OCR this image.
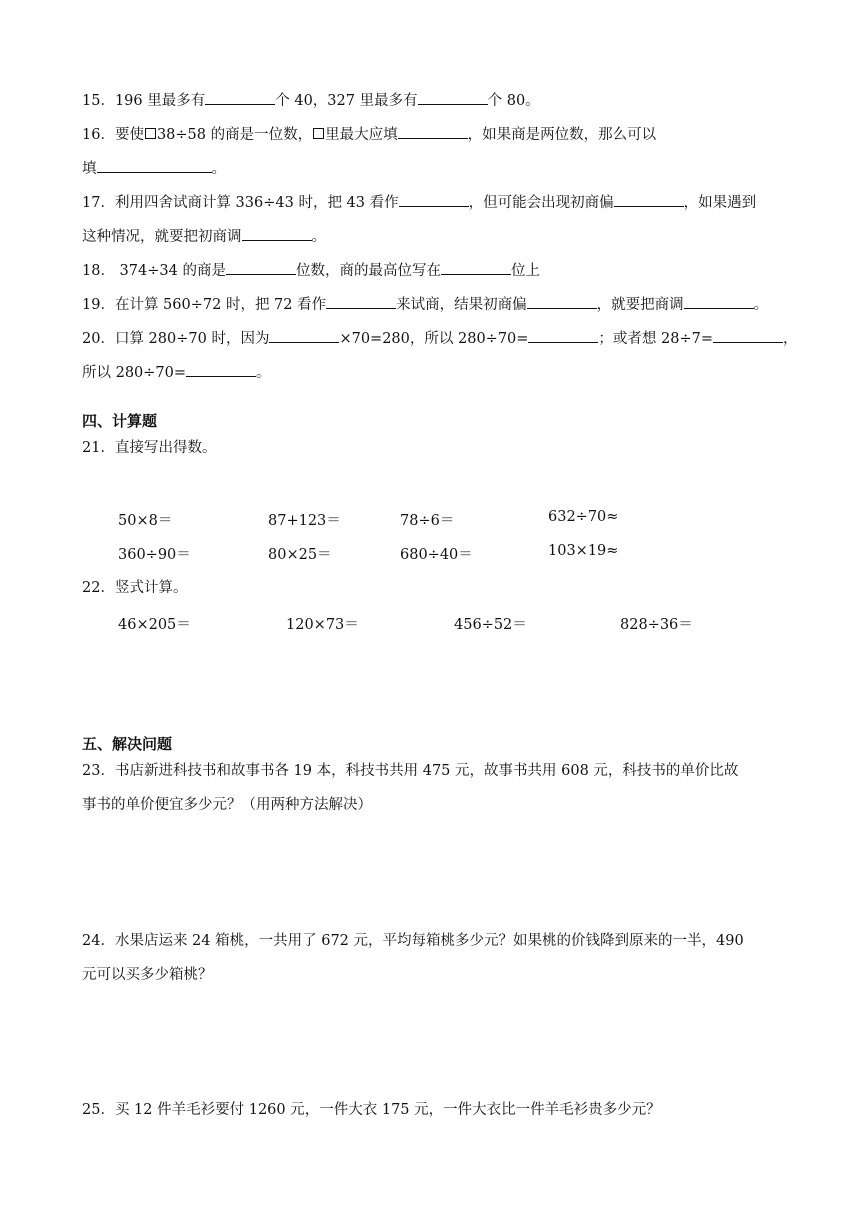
15．196 里最多有	个 40，327 里最多有	个 80。
16．要使 38÷58 的商是一位数， 里最大应填	，如果商是两位数，那么可以
填	。
17．利用四舍试商计算 336÷43 时，把 43 看作	，但可能会出现初商偏	，如果遇到
这种情况，就要把初商调	。
18． 374÷34 的商是	位数，商的最高位写在	位上
19．在计算 560÷72 时，把 72 看作	来试商，结果初商偏	，就要把商调	。
20．口算 280÷70 时，因为	×70=280，所以 280÷70=	；或者想 28÷7=	，
所以 280÷70=	。
四、计算题
21．直接写出得数。
50×8＝	87+123＝	78÷6＝	632÷70≈
360÷90＝	80×25＝	680÷40＝	103×19≈
22．竖式计算。
46×205＝	120×73＝	456÷52＝	828÷36＝
五、解决问题
23．书店新进科技书和故事书各 19 本，科技书共用 475 元，故事书共用 608 元，科技书的单价比故
事书的单价便宜多少元？（用两种方法解决）
24．水果店运来 24 箱桃，一共用了 672 元，平均每箱桃多少元？如果桃的价钱降到原来的一半，490
元可以买多少箱桃？
25．买 12 件羊毛衫要付 1260 元，一件大衣 175 元，一件大衣比一件羊毛衫贵多少元？
